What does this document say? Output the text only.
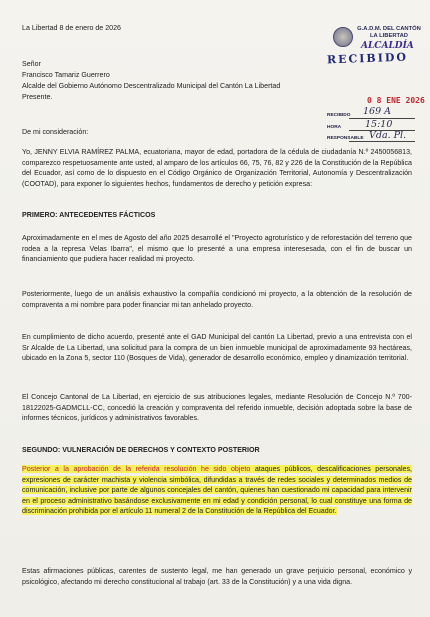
La Libertad 8 de enero de 2026
Señor
Francisco Tamariz Guerrero
Alcalde del Gobierno Autónomo Descentralizado Municipal del Cantón La Libertad
Presente.
De mi consideración:
Yo, JENNY ELVIA RAMÍREZ PALMA, ecuatoriana, mayor de edad, portadora de la cédula de ciudadanía N.º 2450056813, comparezco respetuosamente ante usted, al amparo de los artículos 66, 75, 76, 82 y 226 de la Constitución de la República del Ecuador, así como de lo dispuesto en el Código Orgánico de Organización Territorial, Autonomía y Descentralización (COOTAD), para exponer lo siguientes hechos, fundamentos de derecho y petición expresa:
PRIMERO: ANTECEDENTES FÁCTICOS
Aproximadamente en el mes de Agosto del año 2025 desarrollé el "Proyecto agroturístico y de reforestación del terreno que rodea a la represa Velas Ibarra", el mismo que lo presenté a una empresa interesesada, con el fin de buscar un financiamiento que pudiera hacer realidad mi proyecto.
Posteriormente, luego de un análisis exhaustivo la compañía condicionó mi proyecto, a la obtención de la resolución de compraventa a mi nombre para poder financiar mi tan anhelado proyecto.
En cumplimiento de dicho acuerdo, presenté ante el GAD Municipal del cantón La Libertad, previo a una entrevista con el Sr Alcalde de La Libertad, una solicitud para la compra de un bien inmueble municipal de aproximadamente 93 hectáreas, ubicado en la Zona 5, sector 110 (Bosques de Vida), generador de desarrollo económico, empleo y dinamización territorial.
El Concejo Cantonal de La Libertad, en ejercicio de sus atribuciones legales, mediante Resolución de Concejo N.º 700-18122025-GADMCLL-CC, concedió la creación y compraventa del referido inmueble, decisión adoptada sobre la base de informes técnicos, jurídicos y administrativos favorables.
SEGUNDO: VULNERACIÓN DE DERECHOS Y CONTEXTO POSTERIOR
Posterior a la aprobación de la referida resolución he sido objeto ataques públicos, descalificaciones personales, expresiones de carácter machista y violencia simbólica, difundidas a través de redes sociales y determinados medios de comunicación, inclusive por parte de algunos concejales del cantón, quienes han cuestionado mi capacidad para intervenir en el proceso administrativo basándose exclusivamente en mi edad y condición personal, lo cual constituye una forma de discriminación prohibida por el artículo 11 numeral 2 de la Constitución de la República del Ecuador.
Estas afirmaciones públicas, carentes de sustento legal, me han generado un grave perjuicio personal, económico y psicológico, afectando mi derecho constitucional al trabajo (art. 33 de la Constitución) y a una vida digna.
G.A.D.M. DEL CANTÓN
LA LIBERTAD
ALCALDÍA
RECIBIDO
0 8 ENE 2026
RECIBIDO 169 A
HORA	15:10
RESPONSABLE Vda. Pl.
